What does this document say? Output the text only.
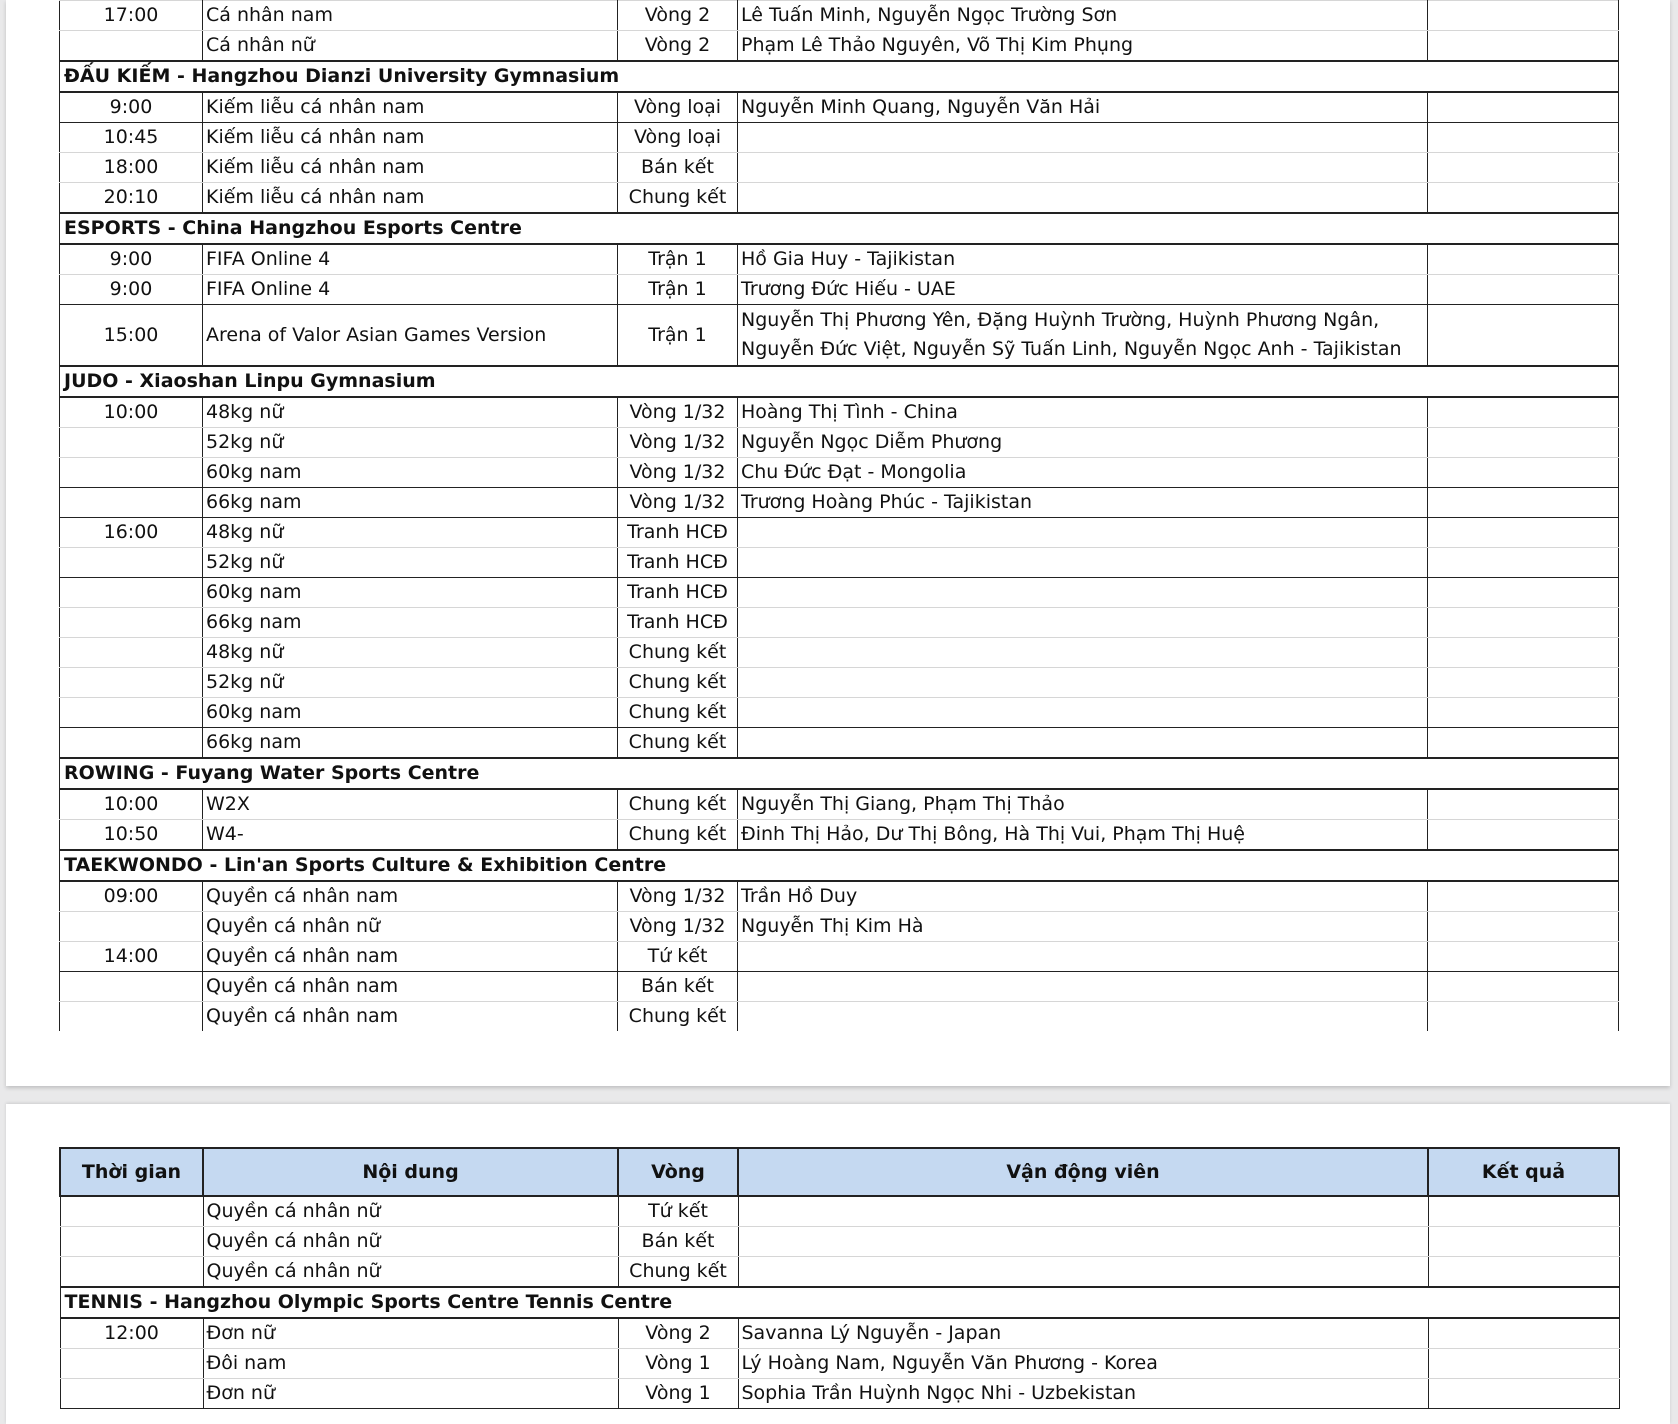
17:00	Cá nhân nam	Vòng 2	Lê Tuấn Minh, Nguyễn Ngọc Trường Sơn	
	Cá nhân nữ	Vòng 2	Phạm Lê Thảo Nguyên, Võ Thị Kim Phụng	
ĐẤU KIẾM - Hangzhou Dianzi University Gymnasium				
9:00	Kiếm liễu cá nhân nam	Vòng loại	Nguyễn Minh Quang, Nguyễn Văn Hải	
10:45	Kiếm liễu cá nhân nam	Vòng loại		
18:00	Kiếm liễu cá nhân nam	Bán kết		
20:10	Kiếm liễu cá nhân nam	Chung kết		
ESPORTS - China Hangzhou Esports Centre				
9:00	FIFA Online 4	Trận 1	Hồ Gia Huy - Tajikistan	
9:00	FIFA Online 4	Trận 1	Trương Đức Hiếu - UAE	
15:00	Arena of Valor Asian Games Version	Trận 1	Nguyễn Thị Phương Yên, Đặng Huỳnh Trường, Huỳnh Phương Ngân, Nguyễn Đức Việt, Nguyễn Sỹ Tuấn Linh, Nguyễn Ngọc Anh - Tajikistan	
JUDO - Xiaoshan Linpu Gymnasium				
10:00	48kg nữ	Vòng 1/32	Hoàng Thị Tình - China	
	52kg nữ	Vòng 1/32	Nguyễn Ngọc Diễm Phương	
	60kg nam	Vòng 1/32	Chu Đức Đạt - Mongolia	
	66kg nam	Vòng 1/32	Trương Hoàng Phúc - Tajikistan	
16:00	48kg nữ	Tranh HCĐ		
	52kg nữ	Tranh HCĐ		
	60kg nam	Tranh HCĐ		
	66kg nam	Tranh HCĐ		
	48kg nữ	Chung kết		
	52kg nữ	Chung kết		
	60kg nam	Chung kết		
	66kg nam	Chung kết		
ROWING - Fuyang Water Sports Centre				
10:00	W2X	Chung kết	Nguyễn Thị Giang, Phạm Thị Thảo	
10:50	W4-	Chung kết	Đinh Thị Hảo, Dư Thị Bông, Hà Thị Vui, Phạm Thị Huệ	
TAEKWONDO - Lin'an Sports Culture & Exhibition Centre				
09:00	Quyền cá nhân nam	Vòng 1/32	Trần Hồ Duy	
	Quyền cá nhân nữ	Vòng 1/32	Nguyễn Thị Kim Hà	
14:00	Quyền cá nhân nam	Tứ kết		
	Quyền cá nhân nam	Bán kết		
	Quyền cá nhân nam	Chung kết		
Thời gian	Nội dung	Vòng	Vận động viên	Kết quả
	Quyền cá nhân nữ	Tứ kết		
	Quyền cá nhân nữ	Bán kết		
	Quyền cá nhân nữ	Chung kết		
TENNIS - Hangzhou Olympic Sports Centre Tennis Centre				
12:00	Đơn nữ	Vòng 2	Savanna Lý Nguyễn - Japan	
	Đôi nam	Vòng 1	Lý Hoàng Nam, Nguyễn Văn Phương - Korea	
	Đơn nữ	Vòng 1	Sophia Trần Huỳnh Ngọc Nhi - Uzbekistan	
